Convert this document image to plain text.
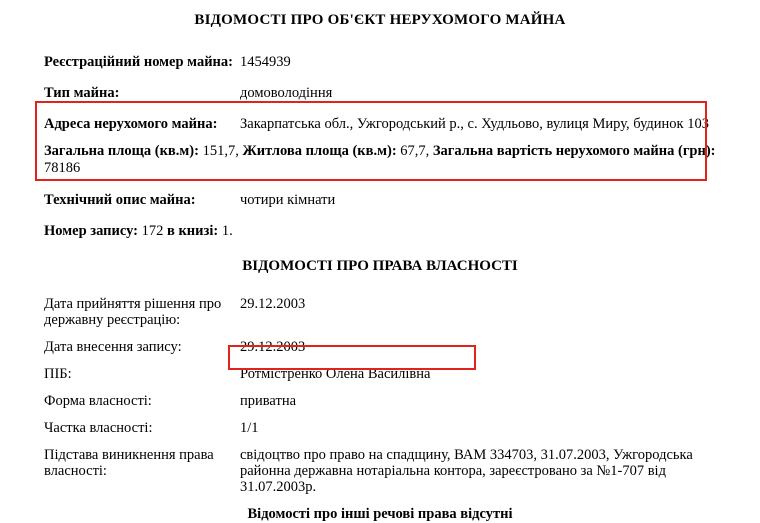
ВІДОМОСТІ ПРО ОБ'ЄКТ НЕРУХОМОГО МАЙНА
Реєстраційний номер майна: 1454939
Тип майна:	домоволодіння
Адреса нерухомого майна:	Закарпатська обл., Ужгородський р., с. Худльово, вулиця Миру, будинок 103
Загальна площа (кв.м): 151,7, Житлова площа (кв.м): 67,7, Загальна вартість нерухомого майна (грн): 78186
Технічний опис майна:	чотири кімнати
Номер запису: 172 в книзі: 1.
ВІДОМОСТІ ПРО ПРАВА ВЛАСНОСТІ
Дата прийняття рішення про державну реєстрацію:
29.12.2003
Дата внесення запису:	29.12.2003
ПІБ:	Ротмістренко Олена Василівна
Форма власності:	приватна
Частка власності:	1/1
Підстава виникнення права власності:
свідоцтво про право на спадщину, ВАМ 334703, 31.07.2003, Ужгородська районна державна нотаріальна контора, зареєстровано за №1-707 від 31.07.2003р.
Відомості про інші речові права відсутні
